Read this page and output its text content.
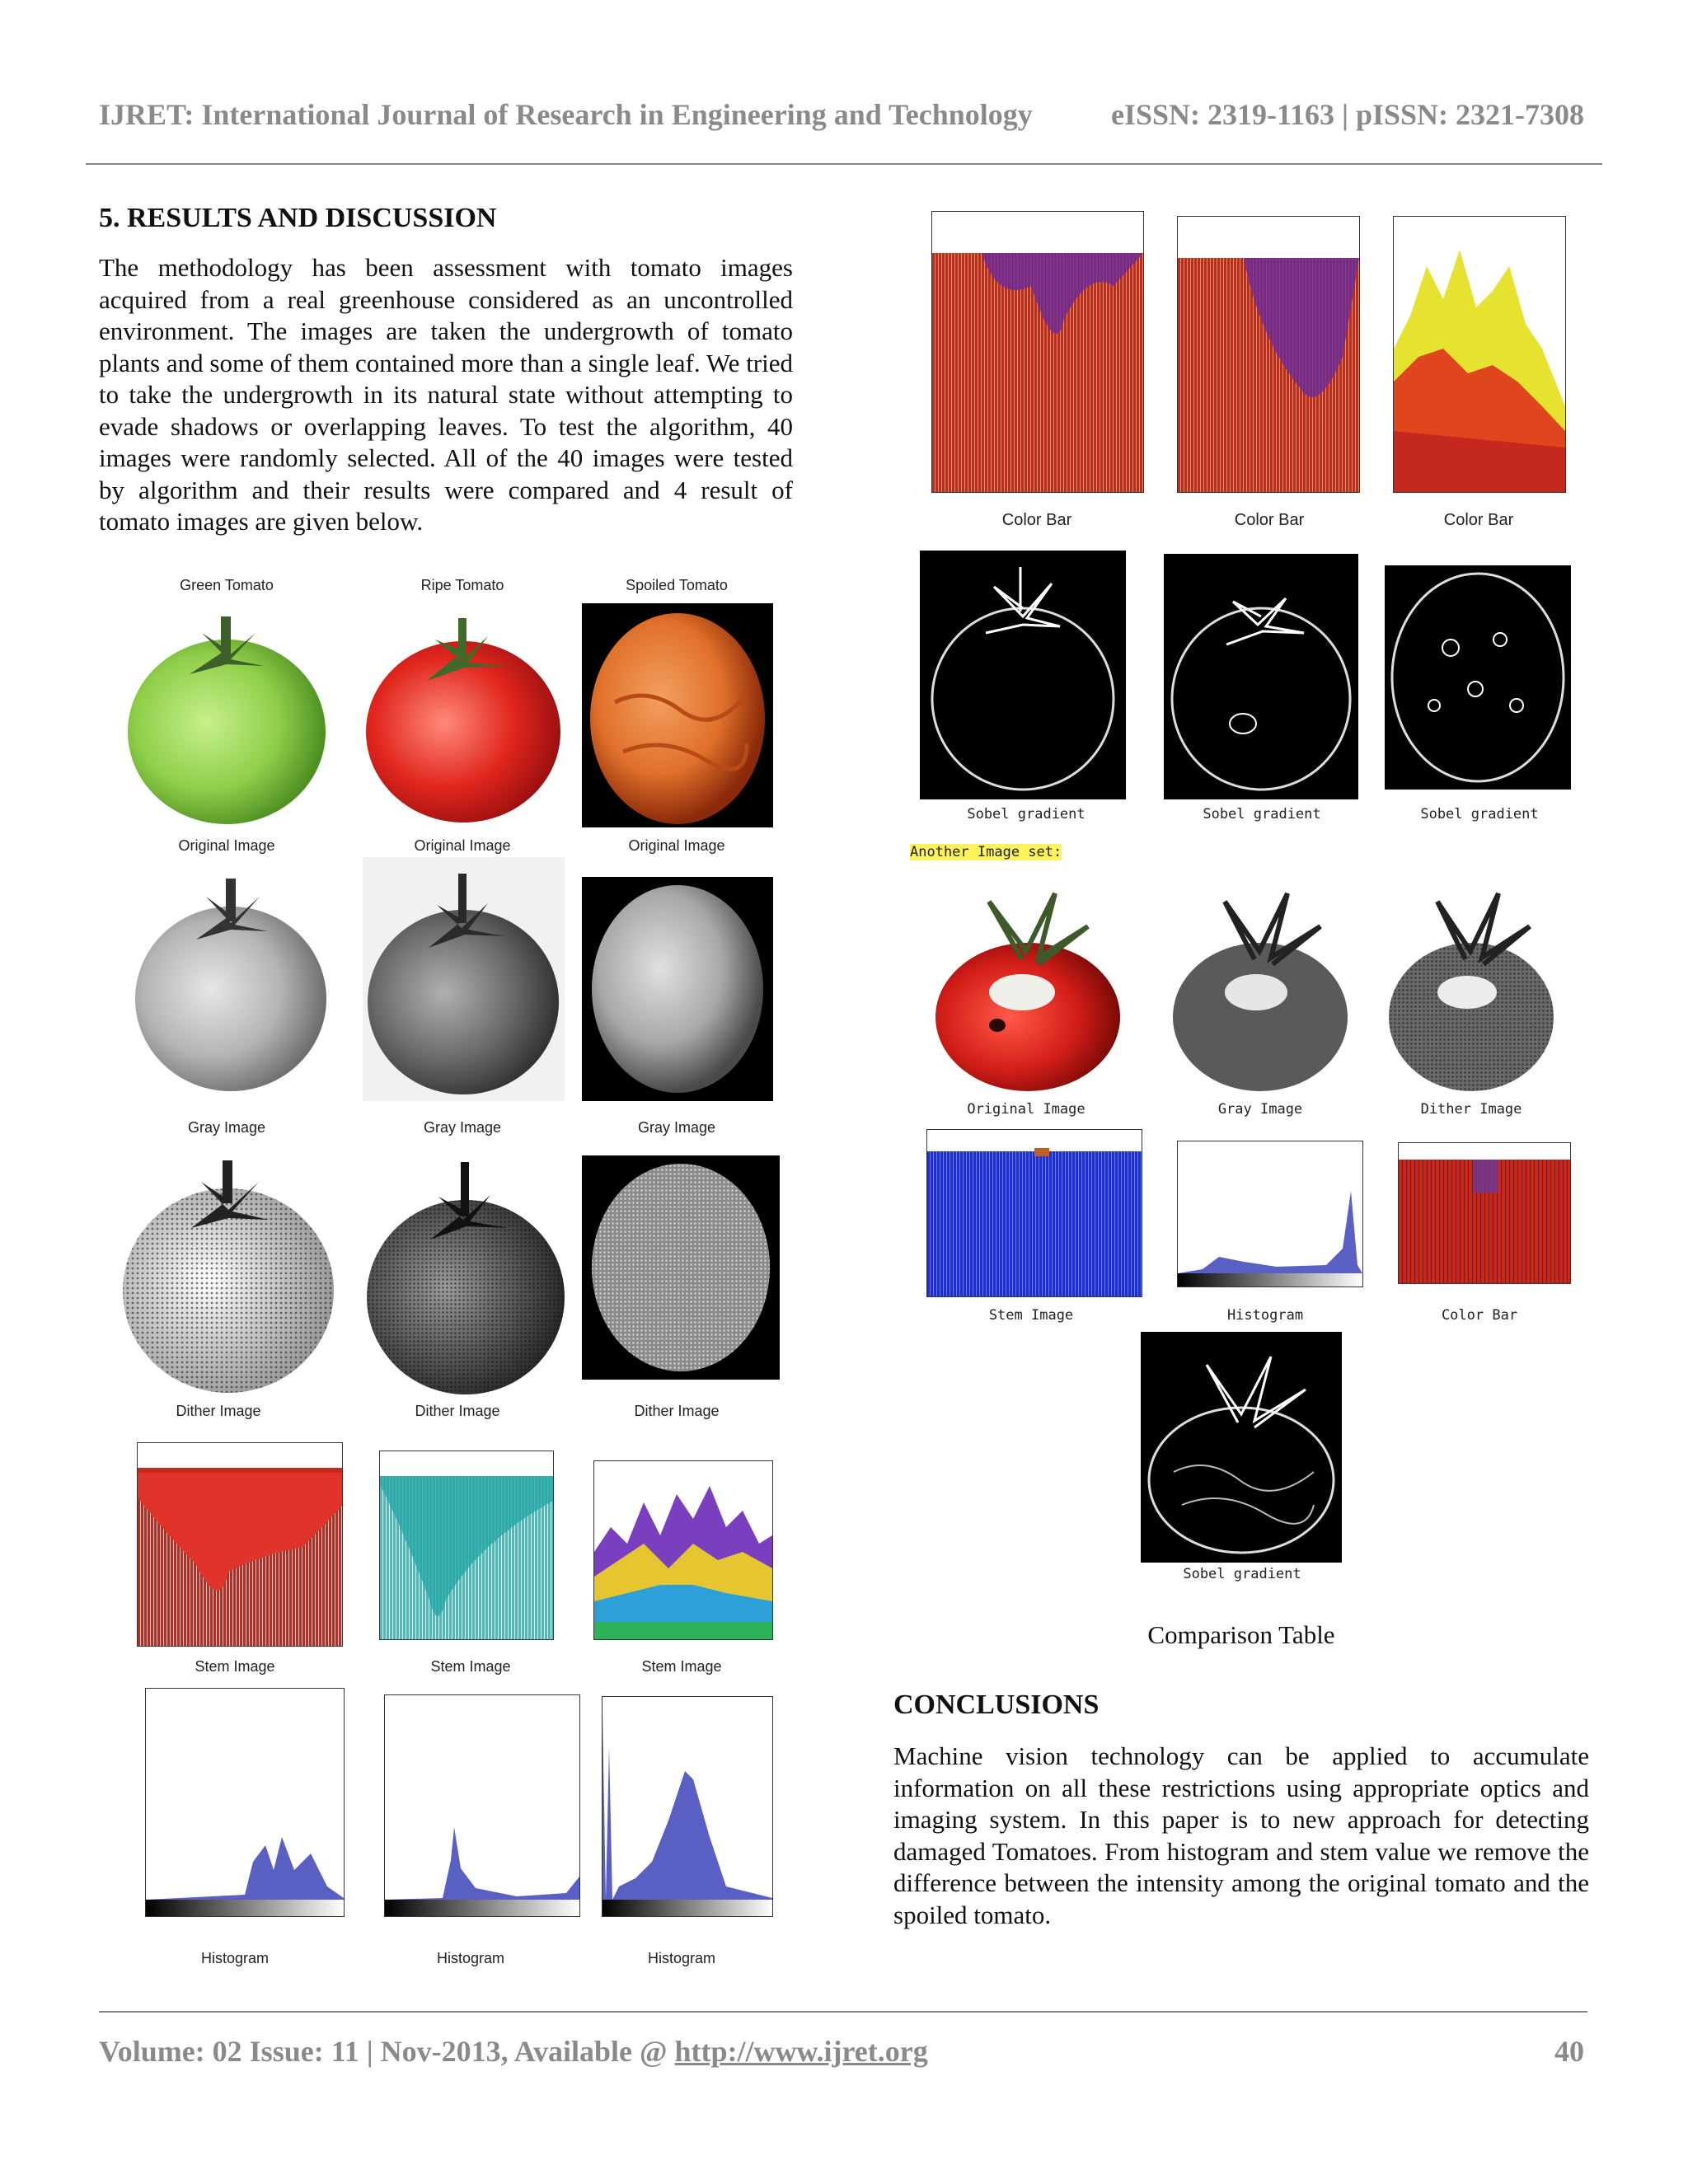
IJRET: International Journal of Research in Engineering and Technology	eISSN: 2319-1163 | pISSN: 2321-7308
5. RESULTS AND DISCUSSION

The methodology has been assessment with tomato images acquired from a real greenhouse considered as an uncontrolled environment. The images are taken the undergrowth of tomato plants and some of them contained more than a single leaf. We tried to take the undergrowth in its natural state without attempting to evade shadows or overlapping leaves. To test the algorithm, 40 images were randomly selected. All of the 40 images were tested by algorithm and their results were compared and 4 result of tomato images are given below.

Green Tomato	Ripe Tomato	Spoiled Tomato
Original Image	Original Image	Original Image
Gray Image	Gray Image	Gray Image
Dither Image	Dither Image	Dither Image
Stem Image	Stem Image	Stem Image
Histogram	Histogram	Histogram
Color Bar	Color Bar	Color Bar
Sobel gradient	Sobel gradient	Sobel gradient
Another Image set:
Original Image	Gray Image	Dither Image
Stem Image	Histogram	Color Bar
Sobel gradient
Comparison Table
CONCLUSIONS

Machine vision technology can be applied to accumulate information on all these restrictions using appropriate optics and imaging system. In this paper is to new approach for detecting damaged Tomatoes. From histogram and stem value we remove the difference between the intensity among the original tomato and the spoiled tomato.

Volume: 02 Issue: 11 | Nov-2013, Available @ http://www.ijret.org	40
